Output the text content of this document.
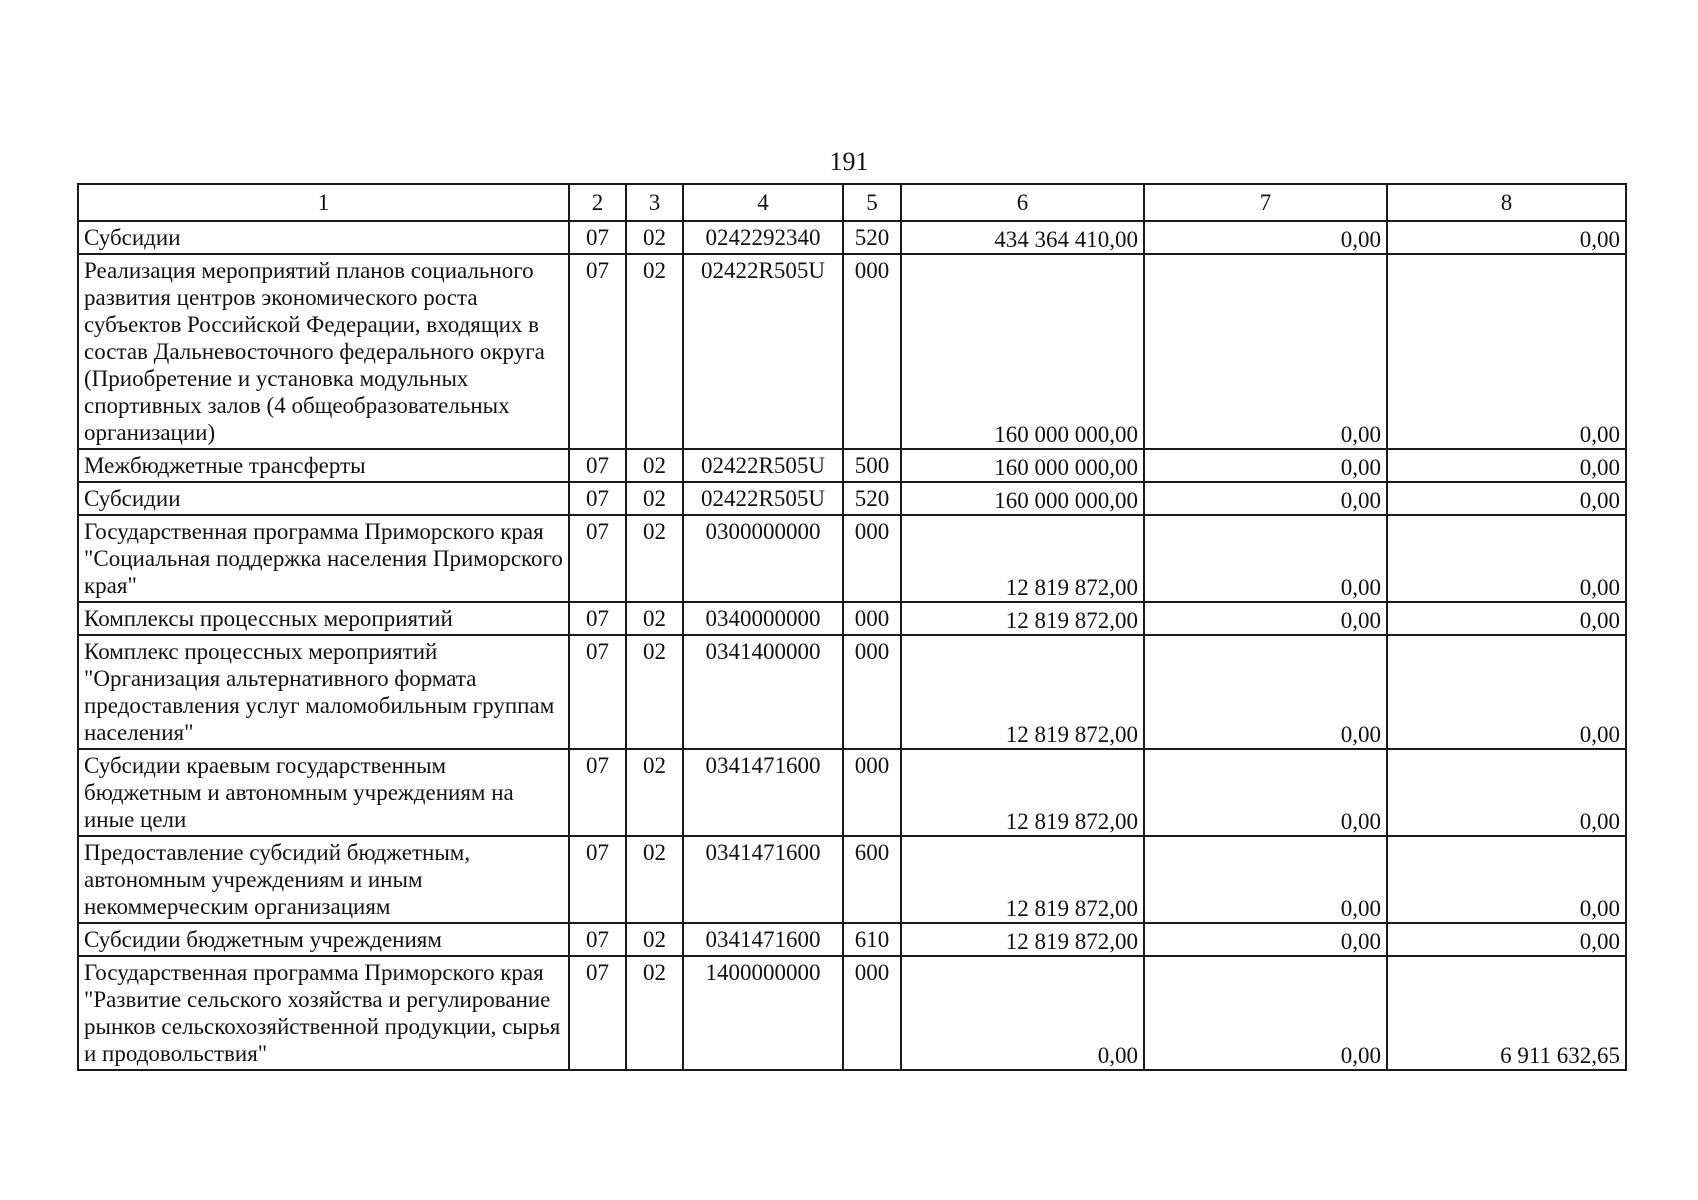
191
1	2	3	4	5	6	7	8
Субсидии	07	02	0242292340	520	434 364 410,00	0,00	0,00
Реализация мероприятий планов социального развития центров экономического роста субъектов Российской Федерации, входящих в состав Дальневосточного федерального округа (Приобретение и установка модульных спортивных залов (4 общеобразовательных организации)	07	02	02422R505U	000	160 000 000,00	0,00	0,00
Межбюджетные трансферты	07	02	02422R505U	500	160 000 000,00	0,00	0,00
Субсидии	07	02	02422R505U	520	160 000 000,00	0,00	0,00
Государственная программа Приморского края "Социальная поддержка населения Приморского края"	07	02	0300000000	000	12 819 872,00	0,00	0,00
Комплексы процессных мероприятий	07	02	0340000000	000	12 819 872,00	0,00	0,00
Комплекс процессных мероприятий "Организация альтернативного формата предоставления услуг маломобильным группам населения"	07	02	0341400000	000	12 819 872,00	0,00	0,00
Субсидии краевым государственным бюджетным и автономным учреждениям на иные цели	07	02	0341471600	000	12 819 872,00	0,00	0,00
Предоставление субсидий бюджетным, автономным учреждениям и иным некоммерческим организациям	07	02	0341471600	600	12 819 872,00	0,00	0,00
Субсидии бюджетным учреждениям	07	02	0341471600	610	12 819 872,00	0,00	0,00
Государственная программа Приморского края "Развитие сельского хозяйства и регулирование рынков сельскохозяйственной продукции, сырья и продовольствия"	07	02	1400000000	000	0,00	0,00	6 911 632,65
